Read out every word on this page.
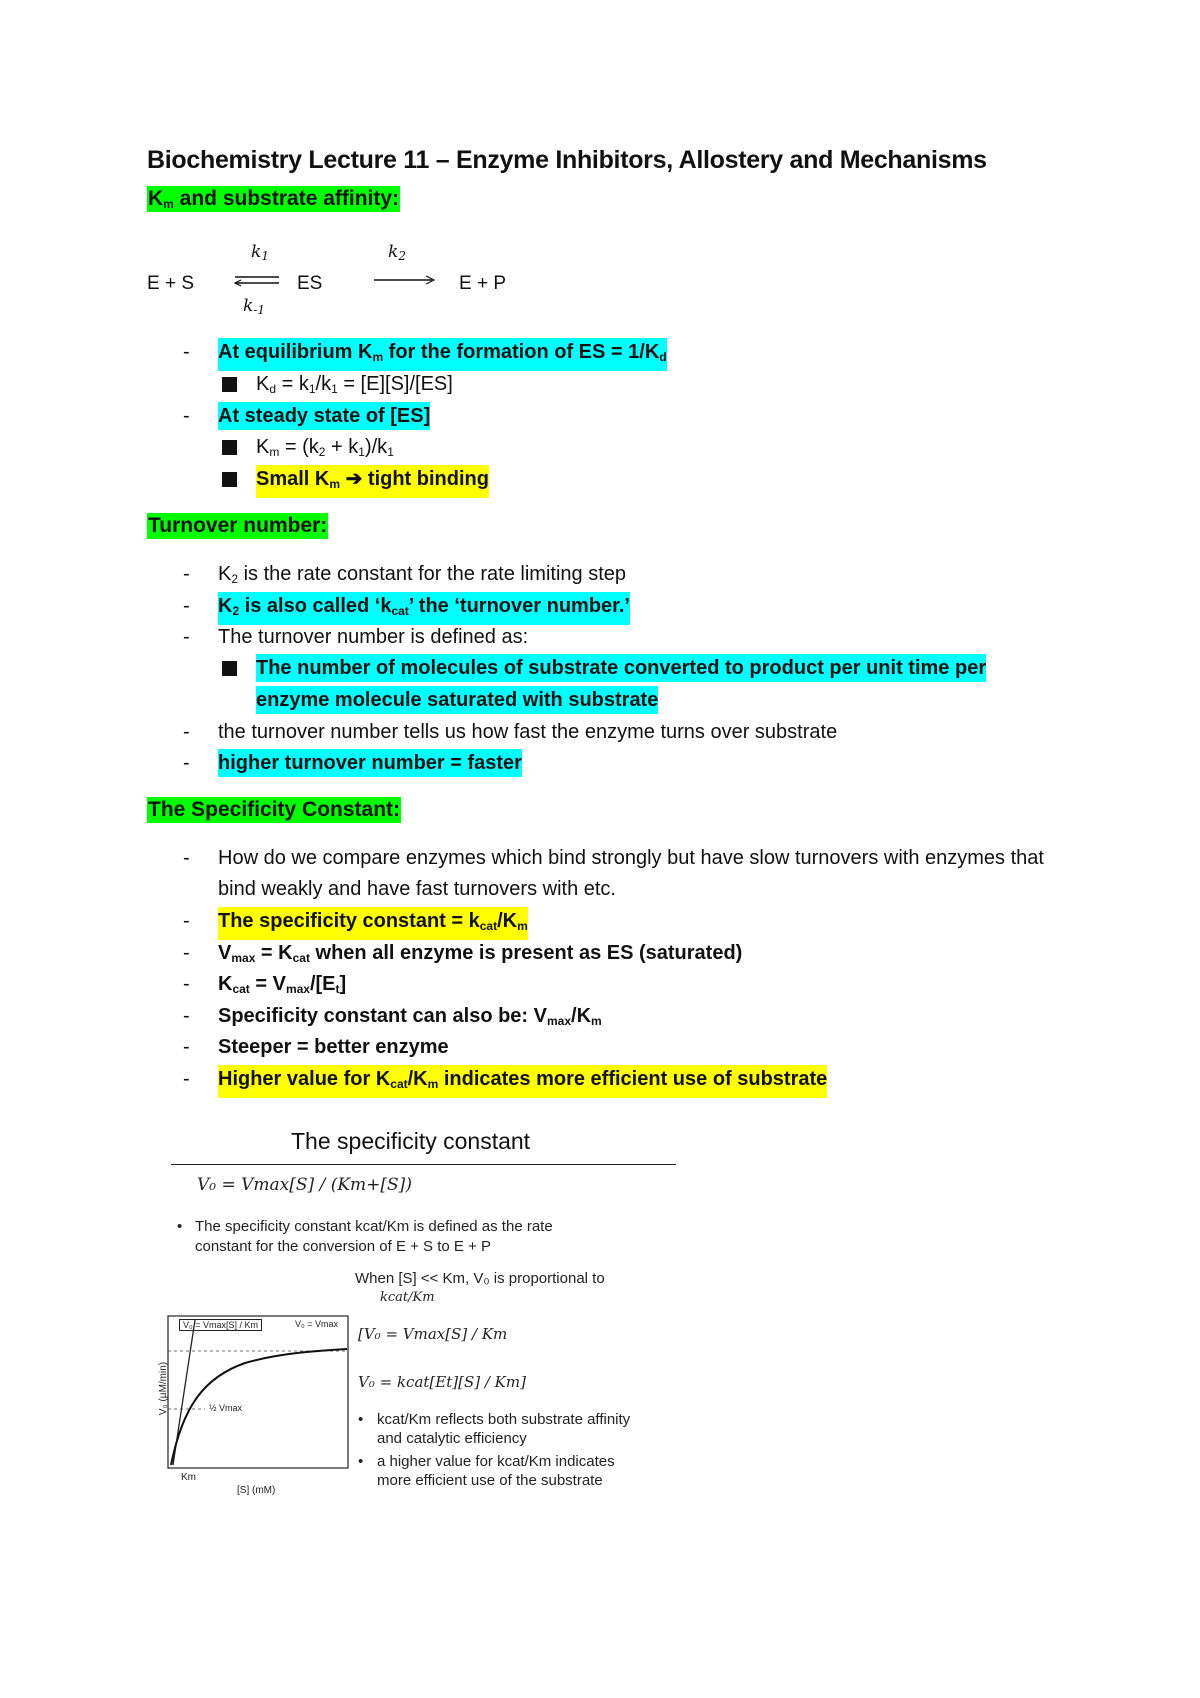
Biochemistry Lecture 11 – Enzyme Inhibitors, Allostery and Mechanisms
$K_m$ and substrate affinity:
E + S
$k_1$
$k_{-1}$
ES
$k_2$
E + P
- At equilibrium $K_m$ for the formation of ES = $1/K_d$
$K_d = k_1/k_1 = [E][S]/[ES]$
- At steady state of [ES]
$K_m = (k_2 + k_1)/k_1$
Small $K_m$ ➔ tight binding
Turnover number:
- $K_2$ is the rate constant for the rate limiting step
- $K_2$ is also called ‘$k_{cat}$’ the ‘turnover number.’
- The turnover number is defined as:
The number of molecules of substrate converted to product per unit time per
enzyme molecule saturated with substrate
- the turnover number tells us how fast the enzyme turns over substrate
- higher turnover number = faster
The Specificity Constant:
- How do we compare enzymes which bind strongly but have slow turnovers with enzymes that
bind weakly and have fast turnovers with etc.
- The specificity constant = $k_{cat}/K_m$
- $V_{max} = K_{cat}$ when all enzyme is present as ES (saturated)
- $K_{cat} = V_{max}/[E_t]$
- Specificity constant can also be: $V_{max}/K_m$
- Steeper = better enzyme
- Higher value for $K_{cat}/K_m$ indicates more efficient use of substrate
The specificity constant
V₀ = Vmax[S] / (Km+[S])
• The specificity constant kcat/Km is defined as the rate
constant for the conversion of E + S to E + P
When [S] << Km, V₀ is proportional to
kcat/Km
[V₀ = Vmax[S] / Km
V₀ = kcat[Et][S] / Km]
• kcat/Km reflects both substrate affinity
and catalytic efficiency
• a higher value for kcat/Km indicates
more efficient use of the substrate
V₀ = Vmax[S] / Km	V₀ = Vmax
½ Vmax
V₀ (μM/min)
Km
[S] (mM)
